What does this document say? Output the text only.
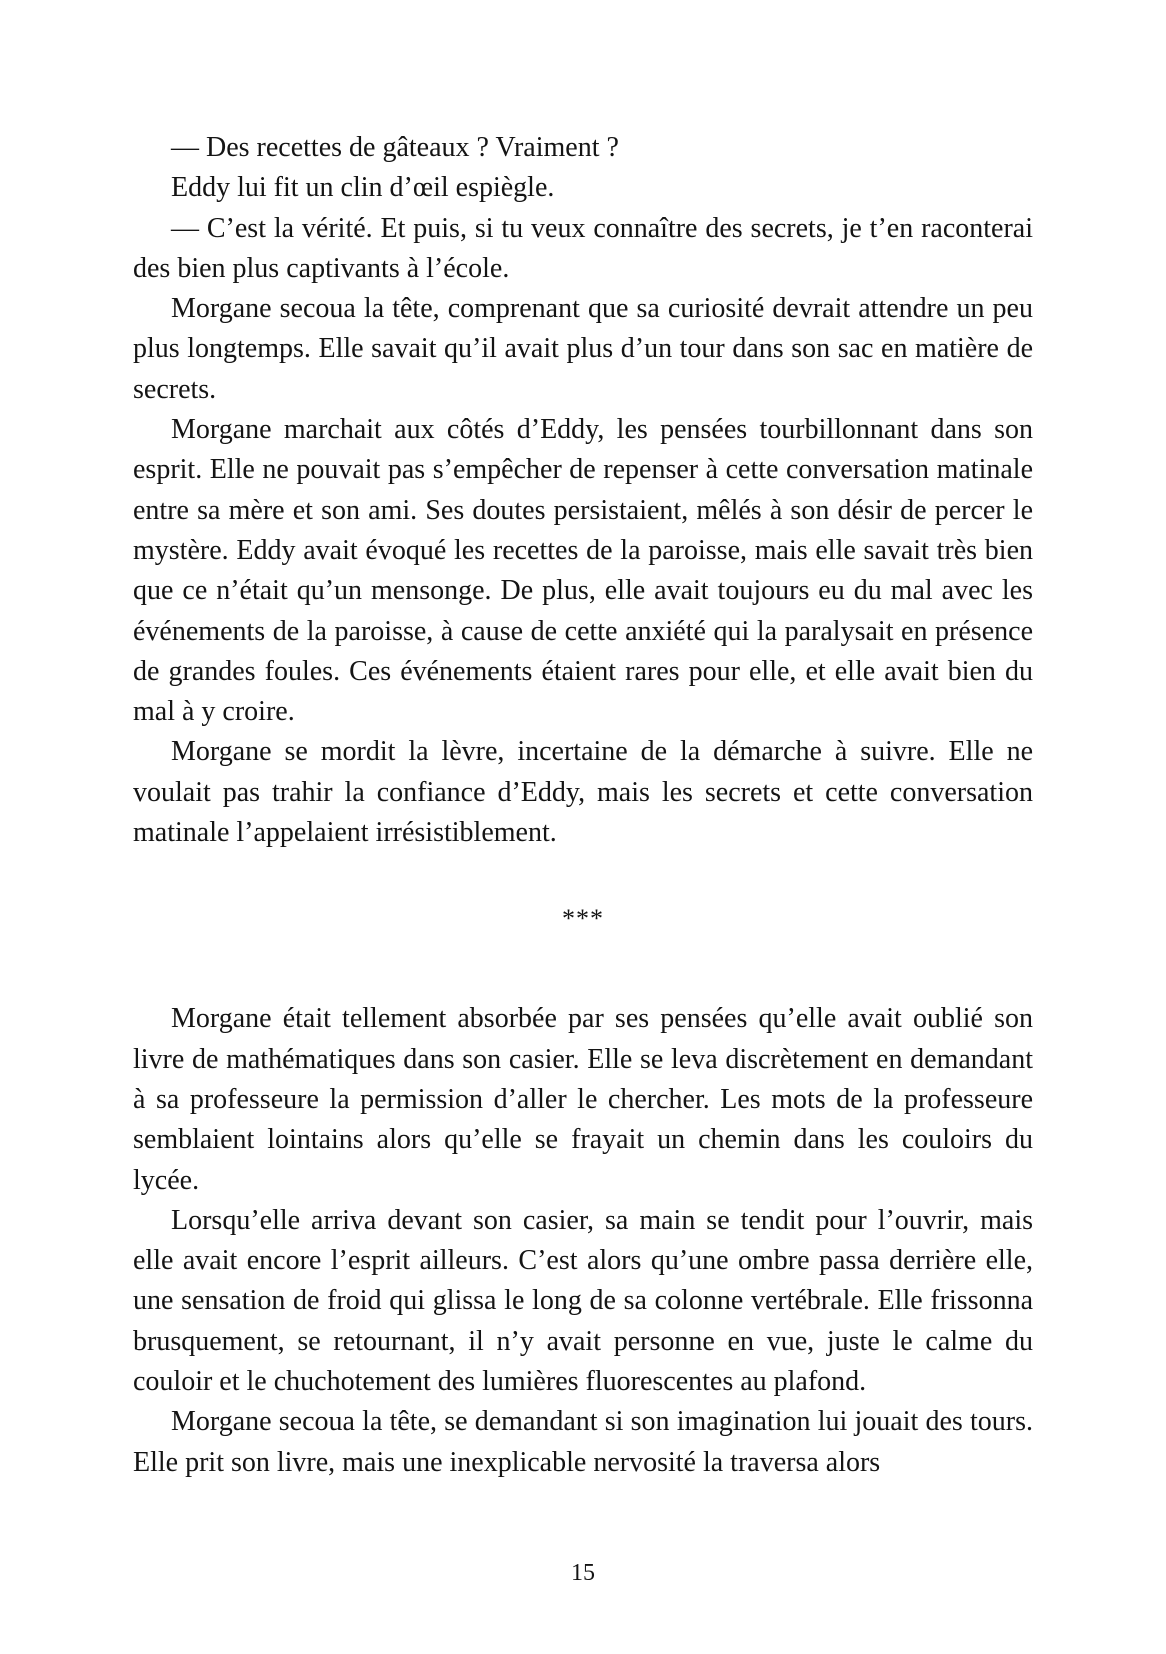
— Des recettes de gâteaux ? Vraiment ?

Eddy lui fit un clin d’œil espiègle.

— C’est la vérité. Et puis, si tu veux connaître des secrets, je t’en raconterai des bien plus captivants à l’école.

Morgane secoua la tête, comprenant que sa curiosité devrait attendre un peu plus longtemps. Elle savait qu’il avait plus d’un tour dans son sac en matière de secrets.

Morgane marchait aux côtés d’Eddy, les pensées tourbillonnant dans son esprit. Elle ne pouvait pas s’empêcher de repenser à cette conversation matinale entre sa mère et son ami. Ses doutes persistaient, mêlés à son désir de percer le mystère. Eddy avait évoqué les recettes de la paroisse, mais elle savait très bien que ce n’était qu’un mensonge. De plus, elle avait toujours eu du mal avec les événements de la paroisse, à cause de cette anxiété qui la paralysait en présence de grandes foules. Ces événements étaient rares pour elle, et elle avait bien du mal à y croire.

Morgane se mordit la lèvre, incertaine de la démarche à suivre. Elle ne voulait pas trahir la confiance d’Eddy, mais les secrets et cette conversation matinale l’appelaient irrésistiblement.

***

Morgane était tellement absorbée par ses pensées qu’elle avait oublié son livre de mathématiques dans son casier. Elle se leva discrètement en demandant à sa professeure la permission d’aller le chercher. Les mots de la professeure semblaient lointains alors qu’elle se frayait un chemin dans les couloirs du lycée.

Lorsqu’elle arriva devant son casier, sa main se tendit pour l’ouvrir, mais elle avait encore l’esprit ailleurs. C’est alors qu’une ombre passa derrière elle, une sensation de froid qui glissa le long de sa colonne vertébrale. Elle frissonna brusquement, se retournant, il n’y avait personne en vue, juste le calme du couloir et le chuchotement des lumières fluorescentes au plafond.

Morgane secoua la tête, se demandant si son imagination lui jouait des tours. Elle prit son livre, mais une inexplicable nervosité la traversa alors

15
